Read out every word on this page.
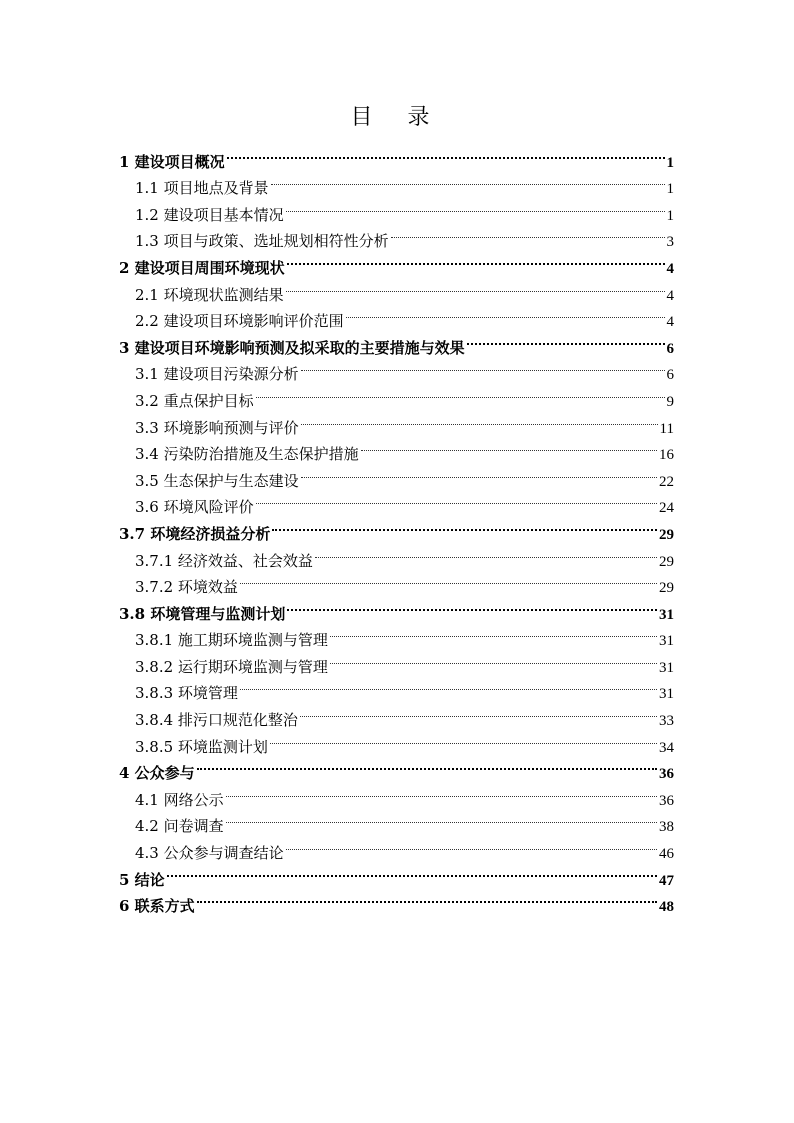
目 录
1 建设项目概况	1
1.1 项目地点及背景	1
1.2 建设项目基本情况	1
1.3 项目与政策、选址规划相符性分析	3
2 建设项目周围环境现状	4
2.1 环境现状监测结果	4
2.2 建设项目环境影响评价范围	4
3 建设项目环境影响预测及拟采取的主要措施与效果	6
3.1 建设项目污染源分析	6
3.2 重点保护目标	9
3.3 环境影响预测与评价	11
3.4 污染防治措施及生态保护措施	16
3.5 生态保护与生态建设	22
3.6 环境风险评价	24
3.7 环境经济损益分析	29
3.7.1 经济效益、社会效益	29
3.7.2 环境效益	29
3.8 环境管理与监测计划	31
3.8.1 施工期环境监测与管理	31
3.8.2 运行期环境监测与管理	31
3.8.3 环境管理	31
3.8.4 排污口规范化整治	33
3.8.5 环境监测计划	34
4 公众参与	36
4.1 网络公示	36
4.2 问卷调查	38
4.3 公众参与调查结论	46
5 结论	47
6 联系方式	48
